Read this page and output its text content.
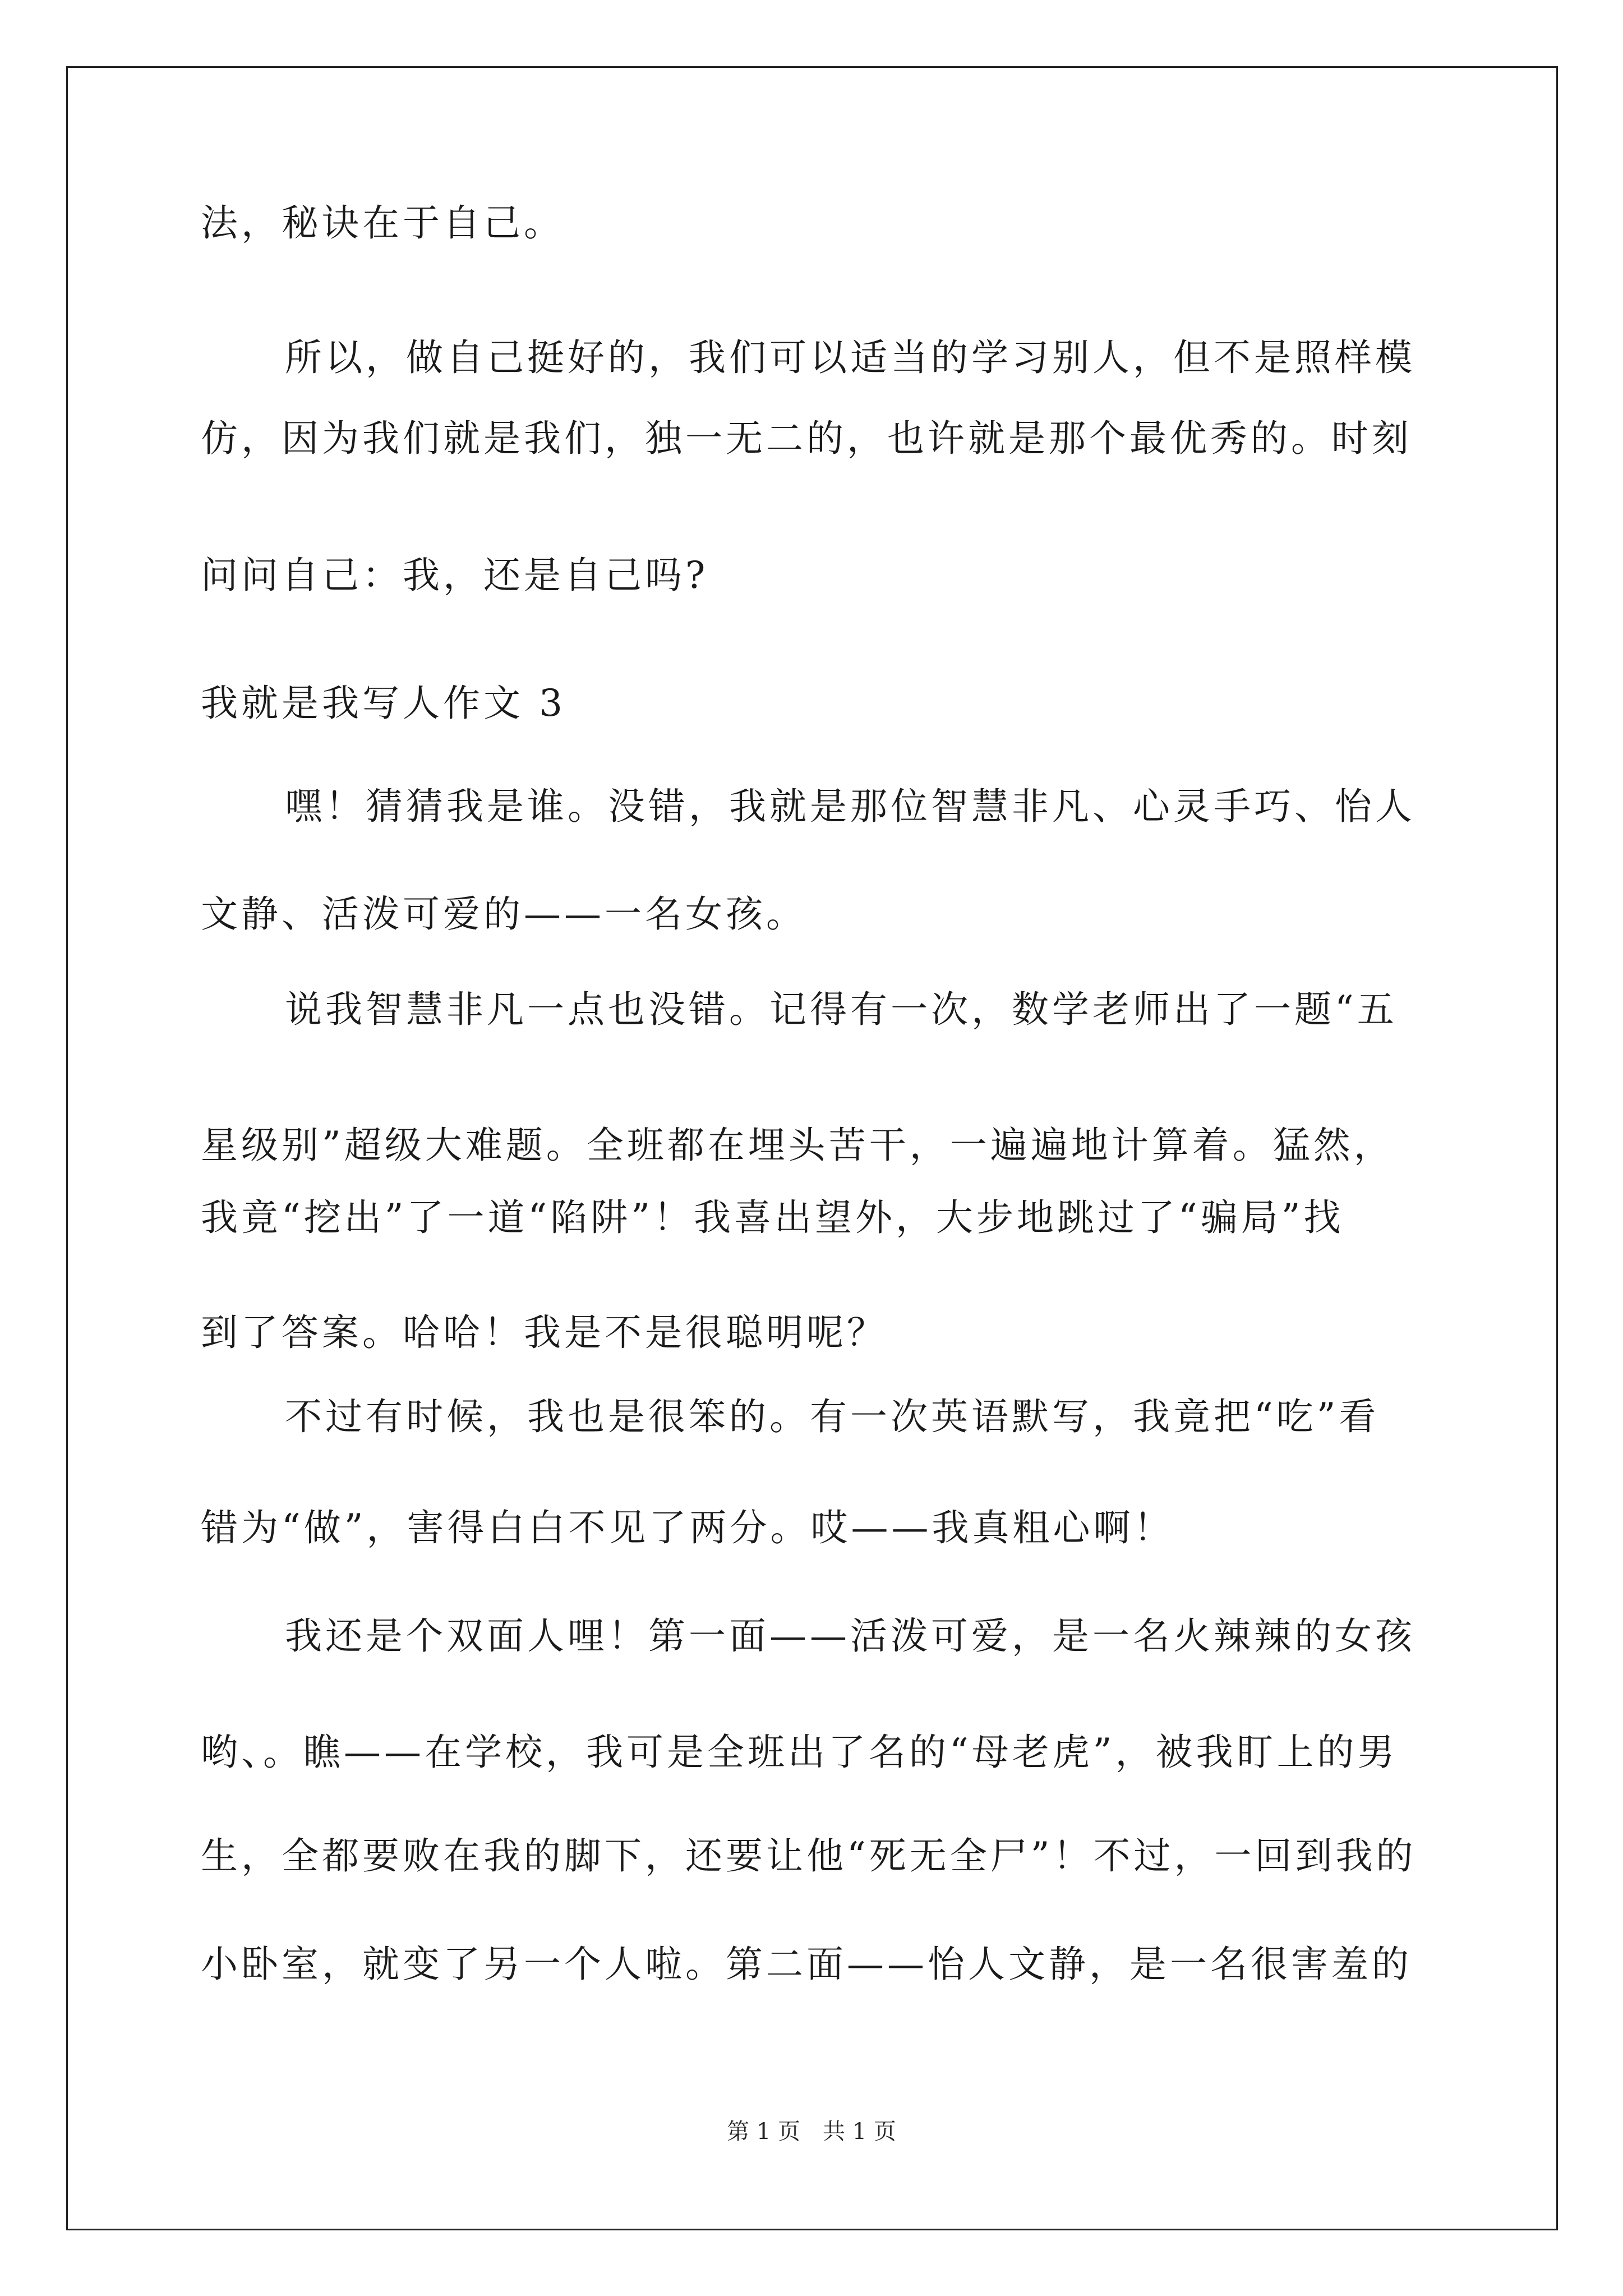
法，秘诀在于自己。
所以，做自己挺好的，我们可以适当的学习别人，但不是照样模
仿，因为我们就是我们，独一无二的，也许就是那个最优秀的。时刻
问问自己：我，还是自己吗?
我就是我写人作文 3
嘿！猜猜我是谁。没错，我就是那位智慧非凡、心灵手巧、怡人
文静、活泼可爱的——一名女孩。
说我智慧非凡一点也没错。记得有一次，数学老师出了一题“五
星级别”超级大难题。全班都在埋头苦干，一遍遍地计算着。猛然，
我竟“挖出”了一道“陷阱”！我喜出望外，大步地跳过了“骗局”找
到了答案。哈哈！我是不是很聪明呢？
不过有时候，我也是很笨的。有一次英语默写，我竟把“吃”看
错为“做”，害得白白不见了两分。哎——我真粗心啊！
我还是个双面人哩！第一面——活泼可爱，是一名火辣辣的女孩
哟、。瞧——在学校，我可是全班出了名的“母老虎”，被我盯上的男
生，全都要败在我的脚下，还要让他“死无全尸”！不过，一回到我的
小卧室，就变了另一个人啦。第二面——怡人文静，是一名很害羞的
第 1 页　共 1 页
